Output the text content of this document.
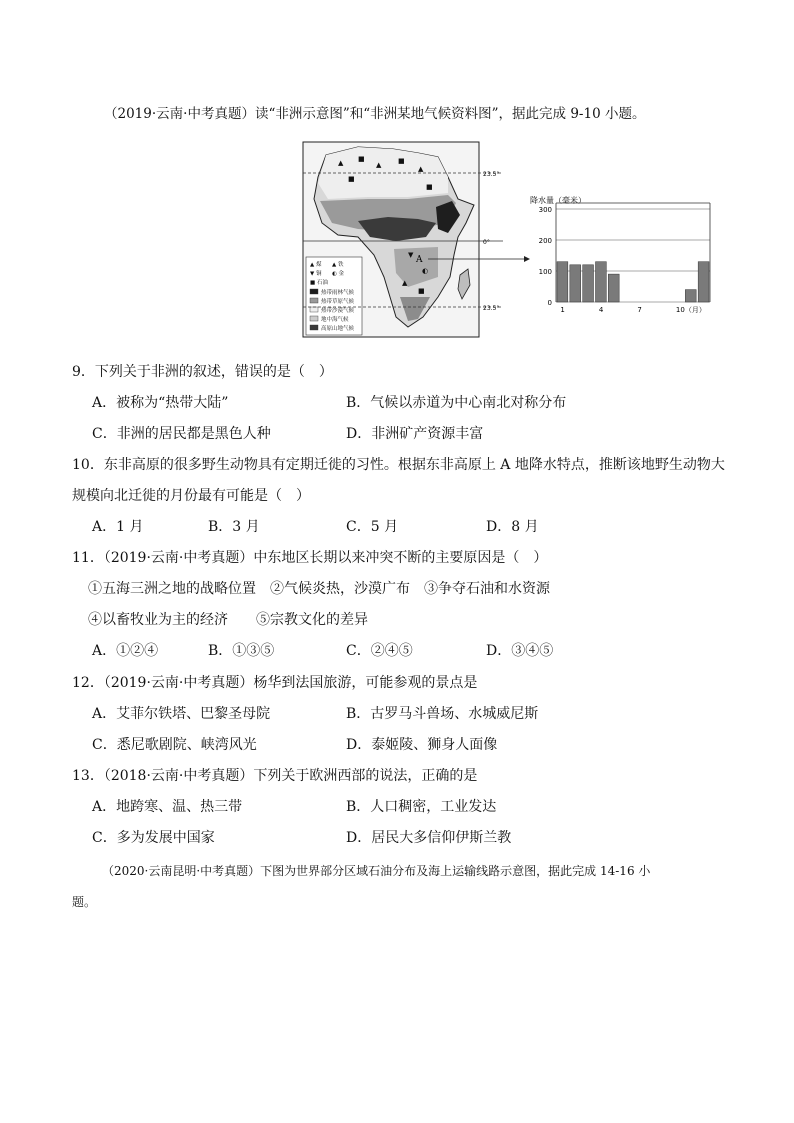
（2019·云南·中考真题）读“非洲示意图”和“非洲某地气候资料图”，据此完成 9-10 小题。
▲ ■
▲ ■
▲
■
■
▼
◐
▲
■
▲ 煤 ▲ 铁
▼ 铜 ◐ 金
■ 石油
热带雨林气候
热带草原气候
热带沙漠气候
地中海气候
高原山地气候
23.5°
0°
23.5°
A
降水量（毫米）
0
100
200
300
1	4	7	10（月）
9．下列关于非洲的叙述，错误的是（　）
A．被称为“热带大陆”	B．气候以赤道为中心南北对称分布
C．非洲的居民都是黑色人种	D．非洲矿产资源丰富
10．东非高原的很多野生动物具有定期迁徙的习性。根据东非高原上 A 地降水特点，推断该地野生动物大
规模向北迁徙的月份最有可能是（　）
A．1 月	B．3 月	C．5 月	D．8 月
11．（2019·云南·中考真题）中东地区长期以来冲突不断的主要原因是（　）
①五海三洲之地的战略位置　②气候炎热，沙漠广布　③争夺石油和水资源
④以畜牧业为主的经济　　⑤宗教文化的差异
A．①②④	B．①③⑤	C．②④⑤	D．③④⑤
12．（2019·云南·中考真题）杨华到法国旅游，可能参观的景点是
A．艾菲尔铁塔、巴黎圣母院	B．古罗马斗兽场、水城威尼斯
C．悉尼歌剧院、峡湾风光	D．泰姬陵、狮身人面像
13．（2018·云南·中考真题）下列关于欧洲西部的说法，正确的是
A．地跨寒、温、热三带	B．人口稠密，工业发达
C．多为发展中国家	D．居民大多信仰伊斯兰教
（2020·云南昆明·中考真题）下图为世界部分区域石油分布及海上运输线路示意图，据此完成 14-16 小
题。
